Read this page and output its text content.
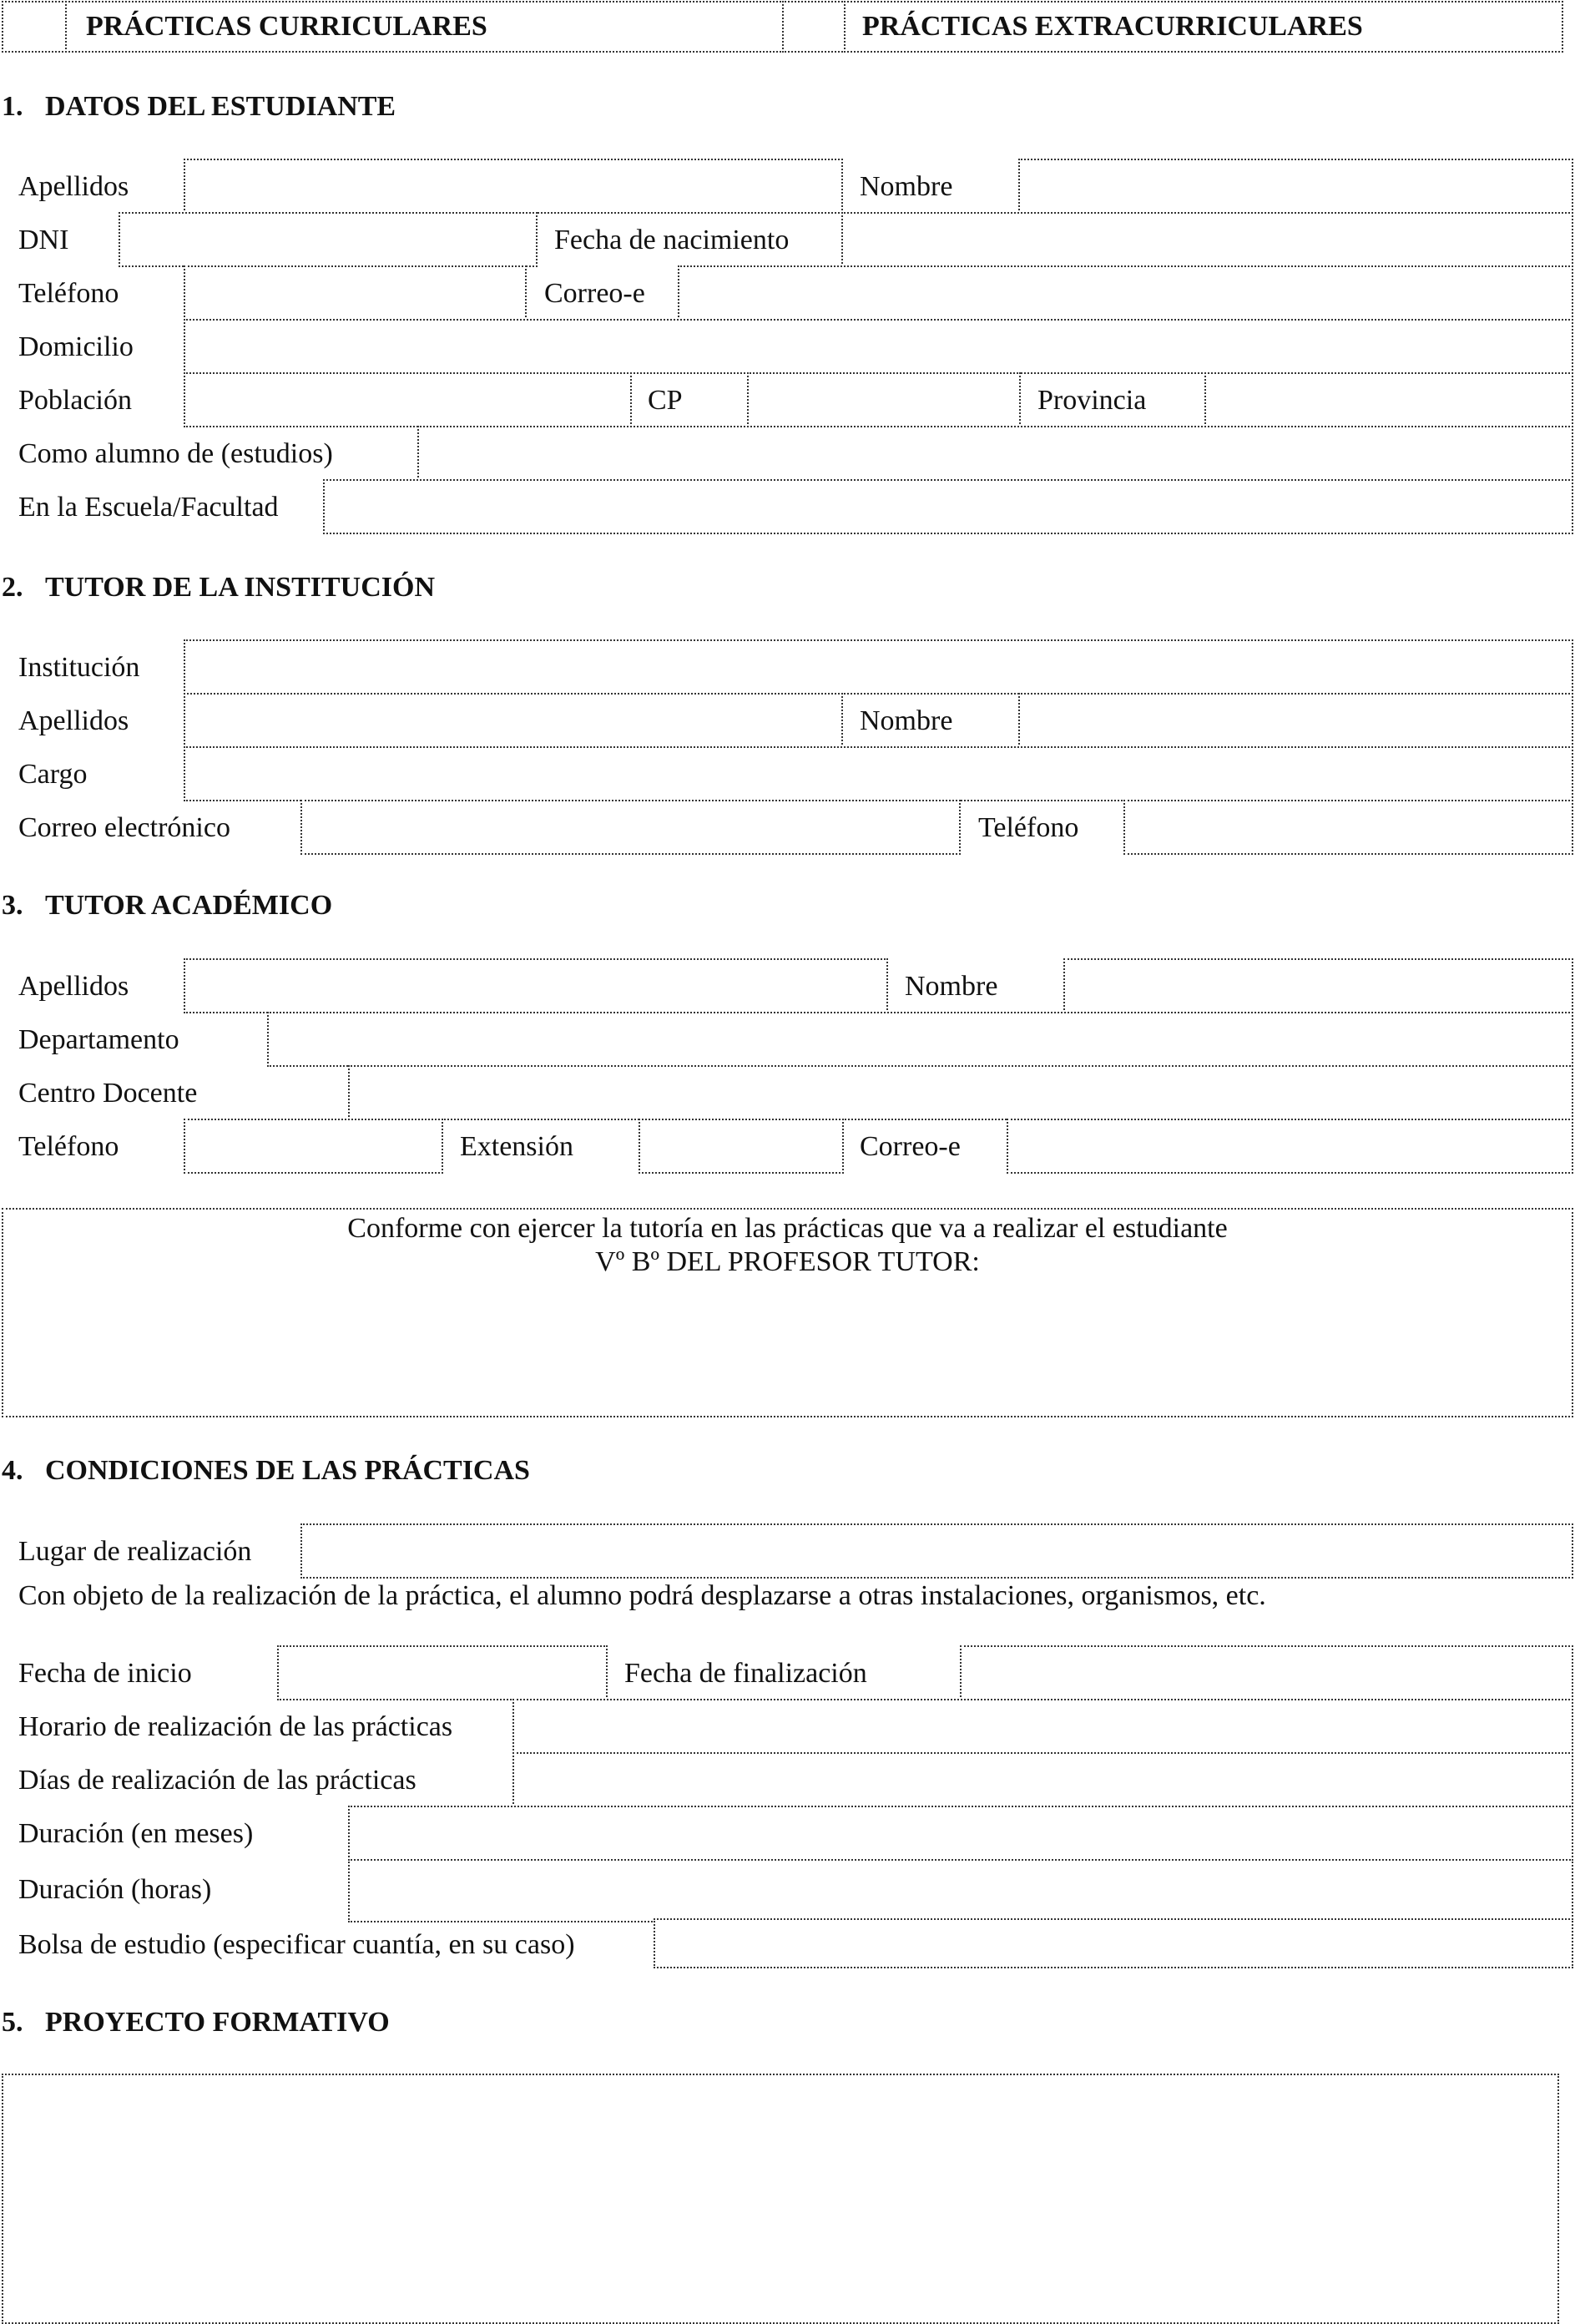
PRÁCTICAS CURRICULARES	PRÁCTICAS EXTRACURRICULARES
1. DATOS DEL ESTUDIANTE
Apellidos	Nombre
DNI	Fecha de nacimiento
Teléfono	Correo-e
Domicilio
Población	CP	Provincia
Como alumno de (estudios)
En la Escuela/Facultad
2. TUTOR DE LA INSTITUCIÓN
Institución
Apellidos	Nombre
Cargo
Correo electrónico	Teléfono
3. TUTOR ACADÉMICO
Apellidos	Nombre
Departamento
Centro Docente
Teléfono	Extensión	Correo-e
Conforme con ejercer la tutoría en las prácticas que va a realizar el estudiante
Vº Bº DEL PROFESOR TUTOR:
4. CONDICIONES DE LAS PRÁCTICAS
Lugar de realización
Con objeto de la realización de la práctica, el alumno podrá desplazarse a otras instalaciones, organismos, etc.
Fecha de inicio	Fecha de finalización
Horario de realización de las prácticas
Días de realización de las prácticas
Duración (en meses)
Duración (horas)
Bolsa de estudio (especificar cuantía, en su caso)
5. PROYECTO FORMATIVO
